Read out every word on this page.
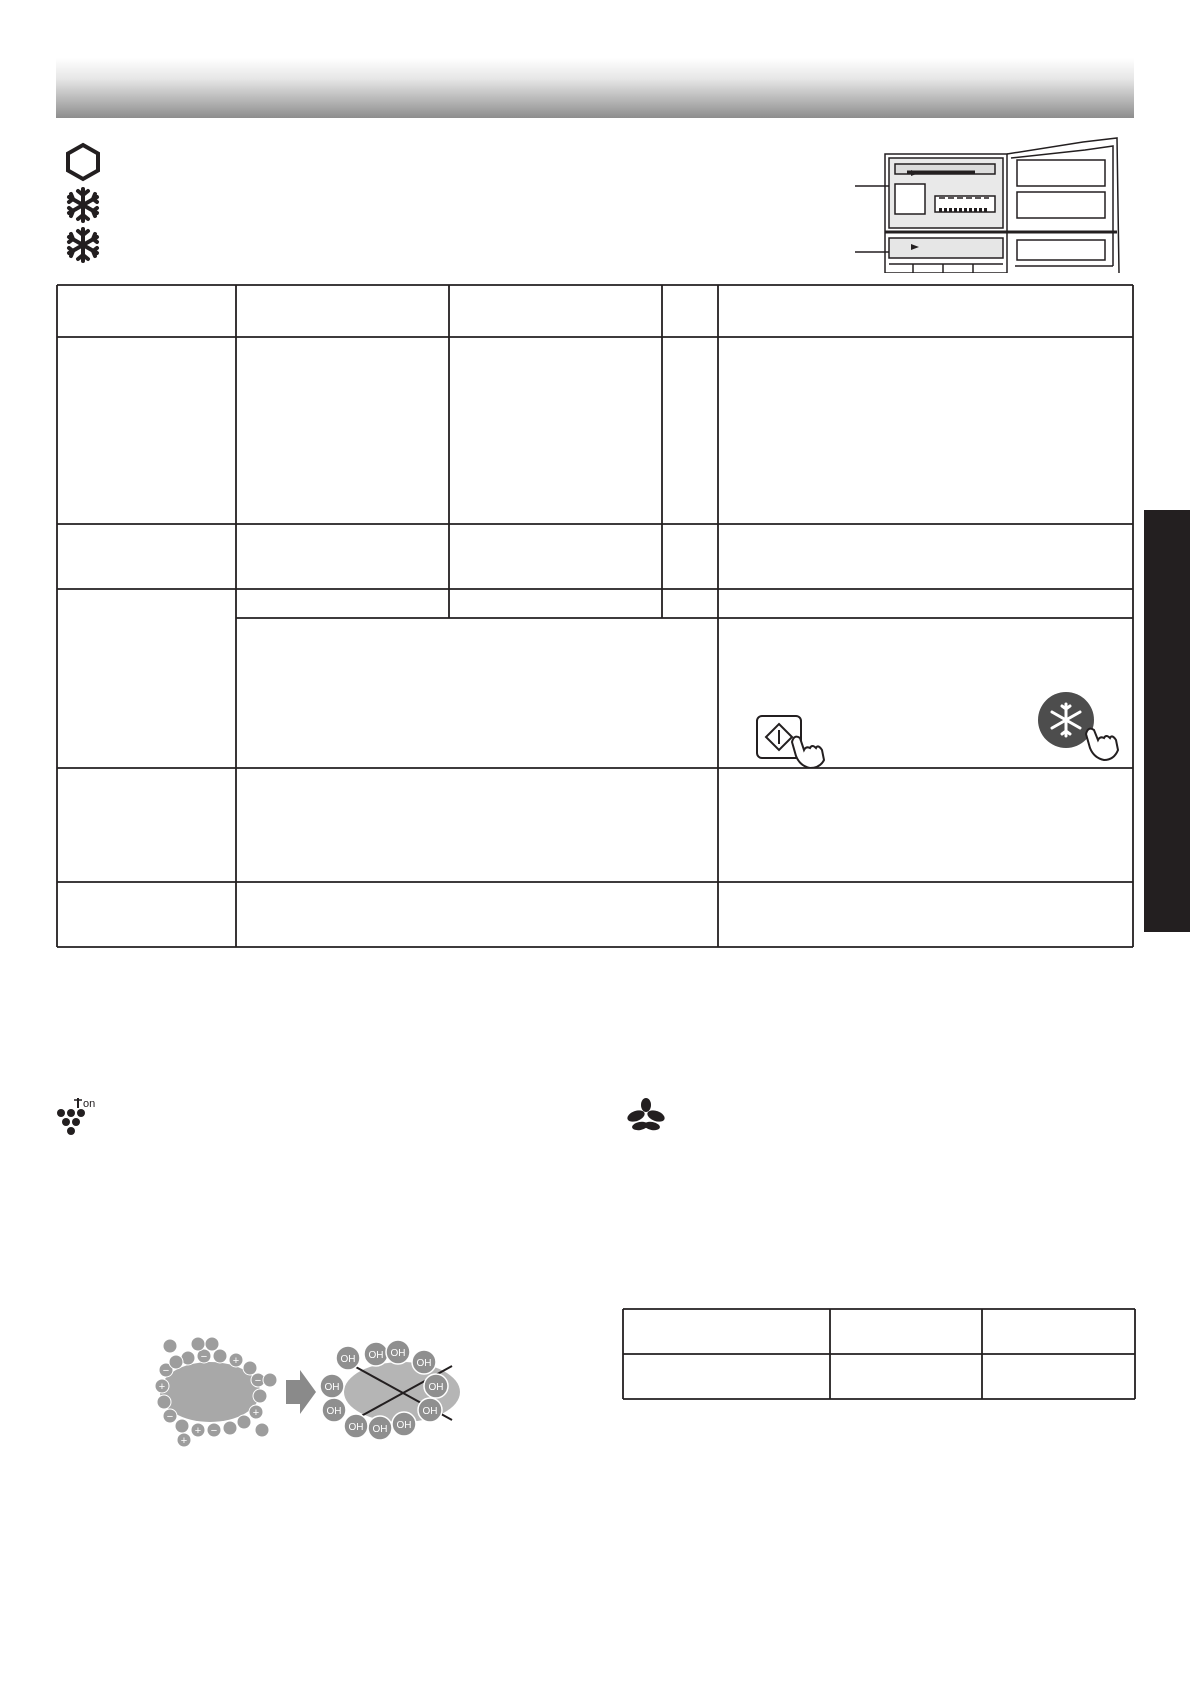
on
−
−
−
−
−
+
+
+
+
+
OH OH OH
OH
OH
OH
OH
OH
OH
OH
OH
